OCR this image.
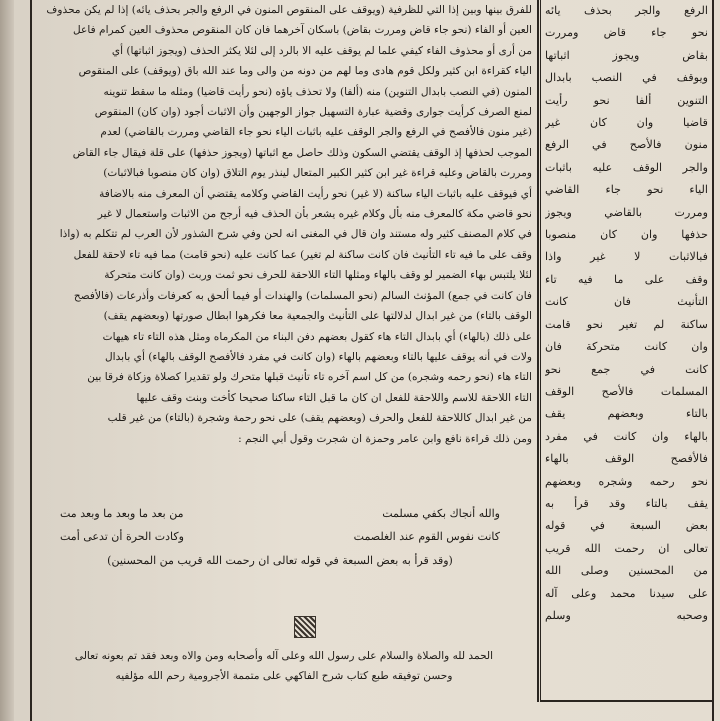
للفرق بينها وبين إذا التي للظرفية (ويوقف على المنقوص المنون في الرفع والجر بحذف يائه) إذا لم يكن محذوف
العين أو الفاء (نحو جاء قاض ومررت بقاض) باسكان آخرهما فان كان المنقوص محذوف العين كمرام فاعل
من أرى أو محذوف الفاء كيفي علما لم يوقف عليه الا بالرد إلى لئلا يكثر الحذف (ويجوز اثباتها) أي
الياء كقراءة ابن كثير ولكل قوم هادى وما لهم من دونه من والى وما عند الله باق (ويوقف) على المنقوص
المنون (في النصب بابدال التنوين) منه (ألفا) ولا تحذف ياؤه (نحو رأيت قاضيا) ومثله ما سقط تنوينه
لمنع الصرف كرأيت جوارى وقضية عبارة التسهيل جواز الوجهين وأن الاثبات أجود (وان كان) المنقوص
(غير منون فالأفصح في الرفع والجر الوقف عليه باثبات الياء نحو جاء القاضي ومررت بالقاضي) لعدم
الموجب لحذفها إذ الوقف يقتضي السكون وذلك حاصل مع اثباتها (ويجوز حذفها) على قلة فيقال جاء القاض
ومررت بالقاض وعليه قراءة غير ابن كثير الكبير المتعال لينذر يوم التلاق (وان كان منصوبا فبالاثبات)
أي فيوقف عليه باثبات الياء ساكنة (لا غير) نحو رأيت القاضي وكلامه يقتضي أن المعرف منه بالاضافة
نحو قاضي مكة كالمعرف منه بأل وكلام غيره يشعر بأن الحذف فيه أرجح من الاثبات واستعمال لا غير
في كلام المصنف كثير وله مستند وان قال في المغنى انه لحن وفي شرح الشذور لأن العرب لم تتكلم به (واذا
وقف على ما فيه تاء التأنيث فان كانت ساكنة لم تغير) عما كانت عليه (نحو قامت) مما فيه تاء لاحقة للفعل
لئلا يلتبس بهاء الضمير لو وقف بالهاء ومثلها التاء اللاحقة للحرف نحو ثمت وربت (وان كانت متحركة
فان كانت في جمع) المؤنث السالم (نحو المسلمات) والهندات أو فيما ألحق به كعرفات وأذرعات (فالأفصح
الوقف بالتاء) من غير ابدال لدلالتها على التأنيث والجمعية معا فكرهوا ابطال صورتها (وبعضهم يقف)
على ذلك (بالهاء) أي بابدال التاء هاء كقول بعضهم دفن البناء من المكرماه ومثل هذه التاء تاء هيهات
ولات في أنه يوقف عليها بالتاء وبعضهم بالهاء (وان كانت في مفرد فالأفصح الوقف بالهاء) أي بابدال
التاء هاء (نحو رحمه وشجره) من كل اسم آخره تاء تأنيث قبلها متحرك ولو تقديرا كصلاة وزكاة فرقا بين
التاء اللاحقة للاسم واللاحقة للفعل ان كان ما قبل التاء ساكنا صحيحا كأخت وبنت وقف عليها
من غير ابدال كاللاحقة للفعل والحرف (وبعضهم يقف) على نحو رحمة وشجرة (بالتاء) من غير قلب
ومن ذلك قراءة نافع وابن عامر وحمزة ان شجرت وقول أبي النجم :
والله أنجاك بكفي مسلمت
من بعد ما وبعد ما وبعد مت
كانت نفوس القوم عند الغلصمت
وكادت الحرة أن تدعى أمت
(وقد قرأ به بعض السبعة في قوله تعالى ان رحمت الله قريب من المحسنين)
الحمد لله والصلاة والسلام على رسول الله وعلى آله وأصحابه ومن والاه وبعد فقد تم بعونه تعالى
وحسن توفيقه طبع كتاب شرح الفاكهي على متممة الأجرومية رحم الله مؤلفيه
الرفع والجر بحذف يائه
نحو جاء قاض ومررت
بقاض ويجوز اثباتها
ويوقف في النصب بابدال
التنوين ألفا نحو رأيت
قاضيا وان كان غير
منون فالأصح في الرفع
والجر الوقف عليه باثبات
الياء نحو جاء القاضي
ومررت بالقاضي ويجوز
حذفها وان كان منصوبا
فبالاثبات لا غير واذا
وقف على ما فيه تاء
التأنيث فان كانت
ساكنة لم تغير نحو قامت
وان كانت متحركة فان
كانت في جمع نحو
المسلمات فالأصح الوقف
بالتاء وبعضهم يقف
بالهاء وان كانت في مفرد
فالأفصح الوقف بالهاء
نحو رحمه وشجره وبعضهم
يقف بالتاء وقد قرأ به
بعض السبعة في قوله
تعالى ان رحمت الله قريب
من المحسنين وصلى الله
على سيدنا محمد وعلى آله
وصحبه وسلم
